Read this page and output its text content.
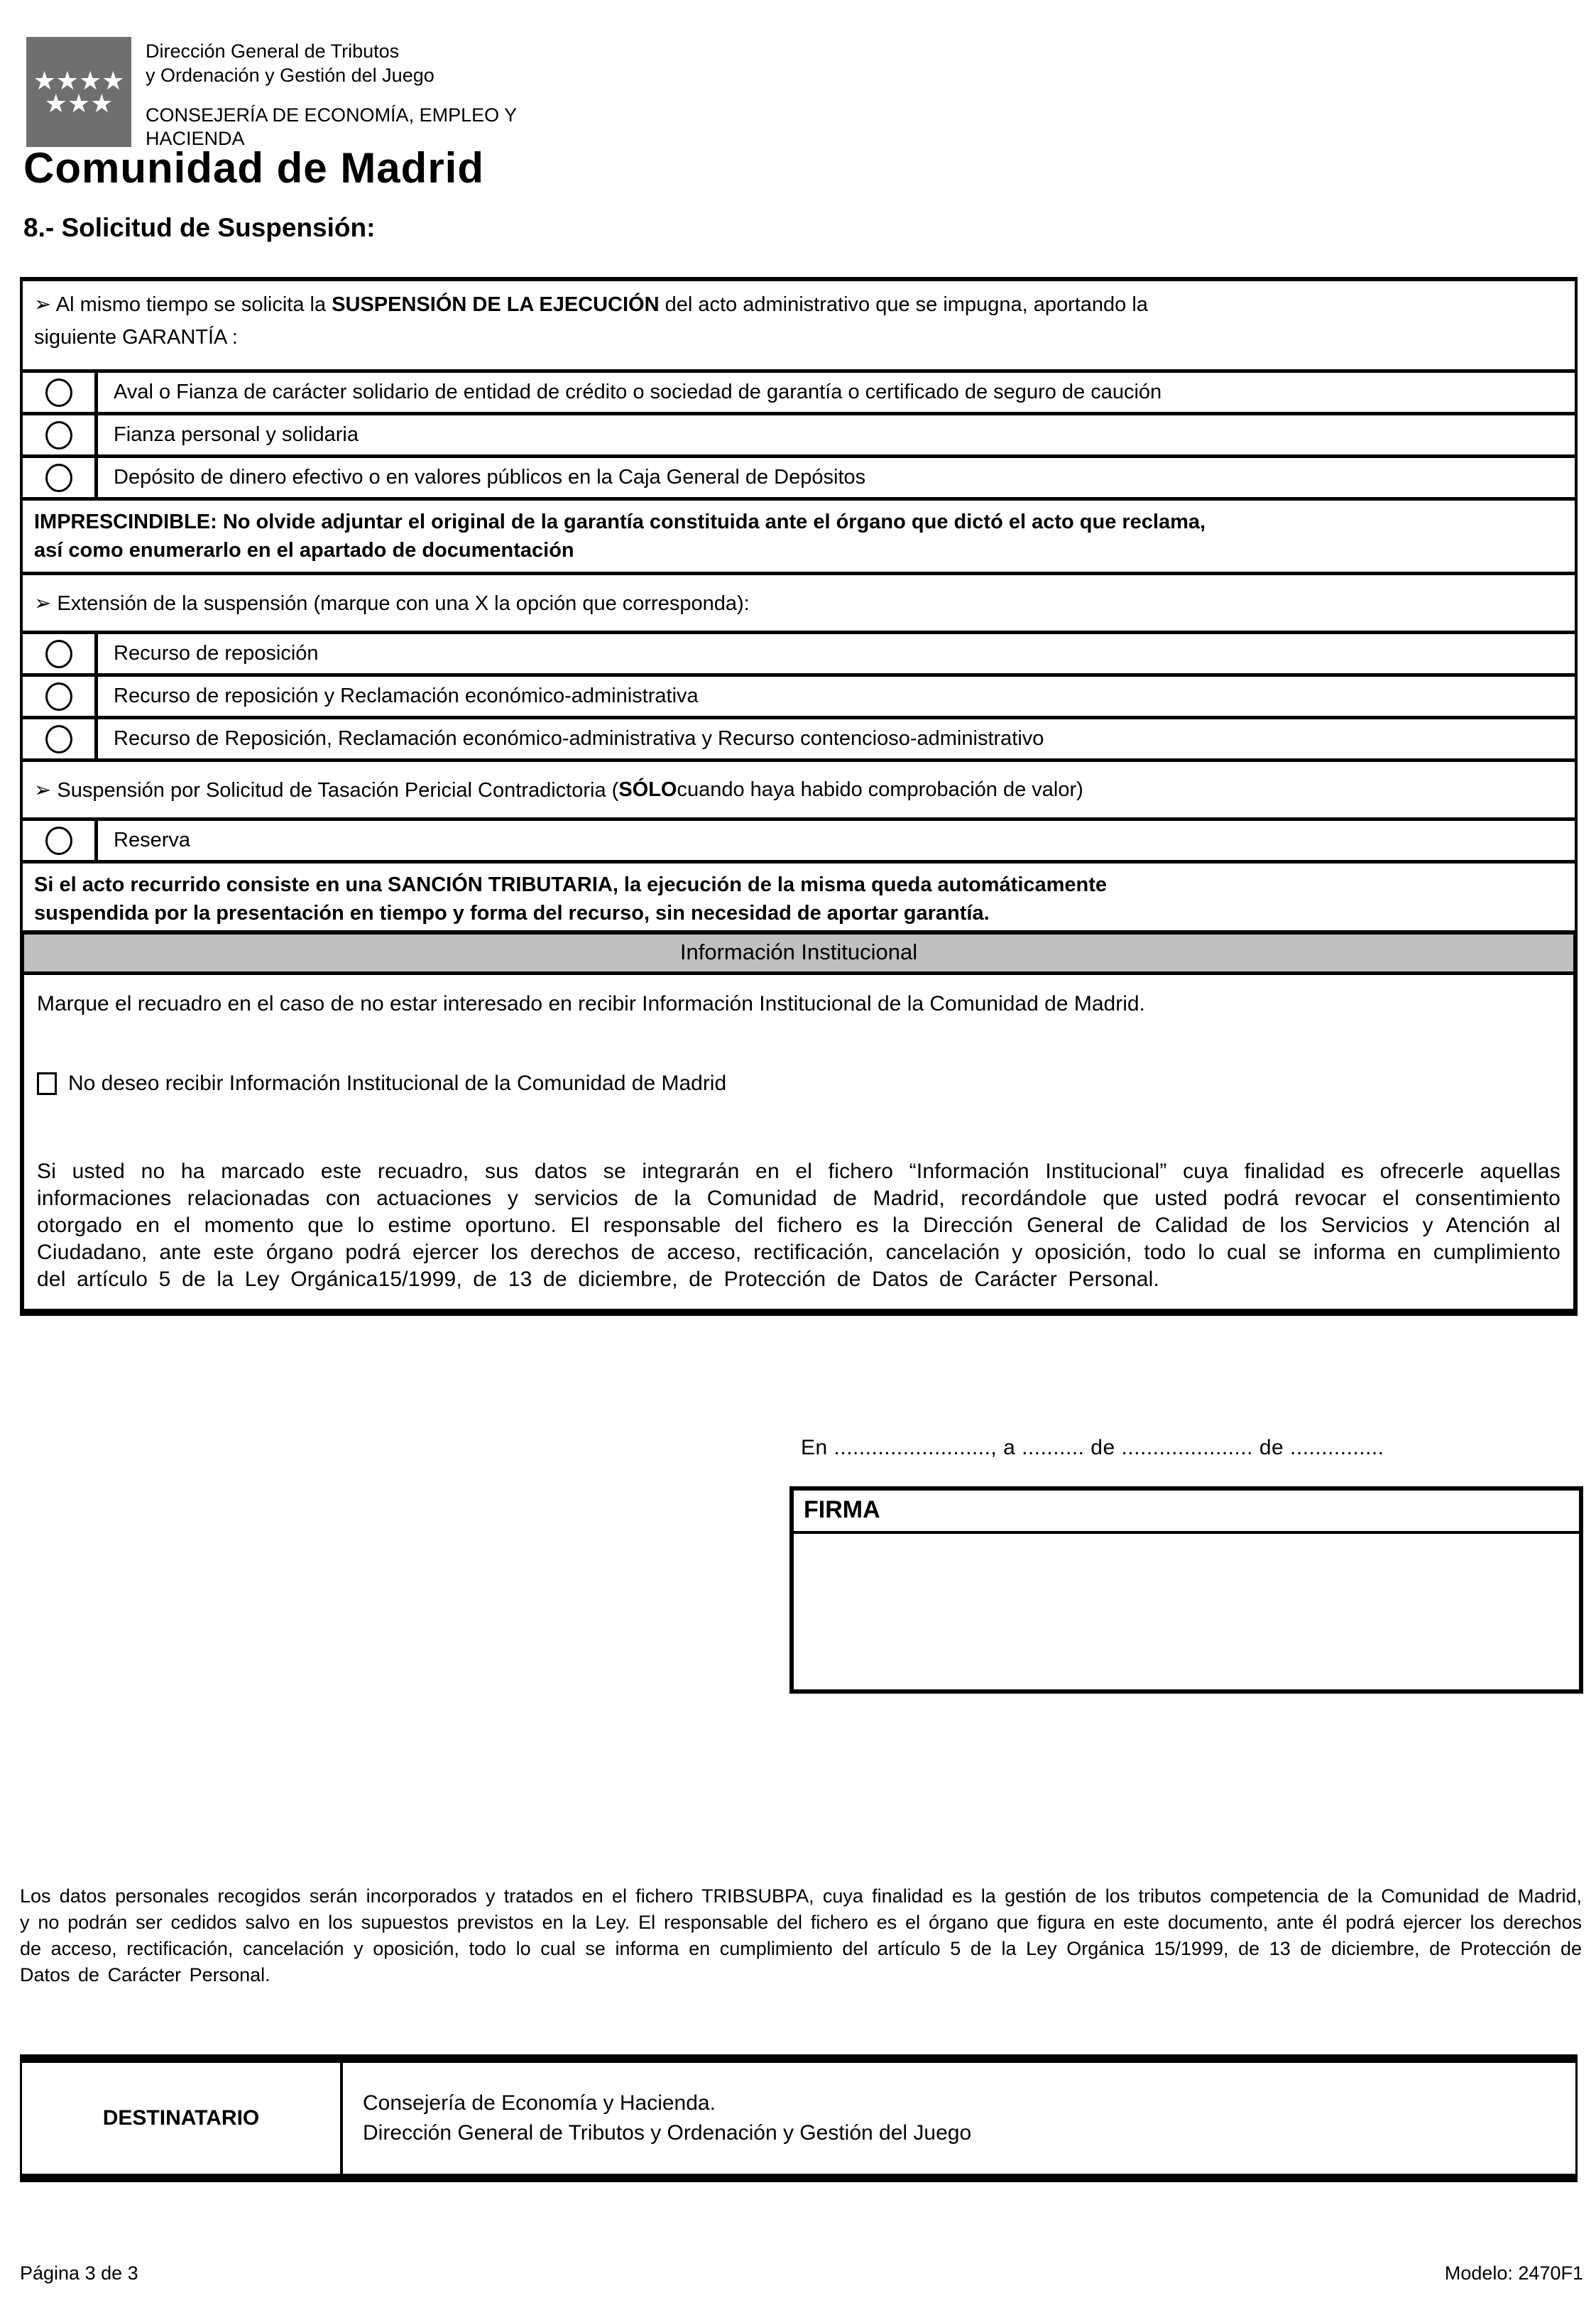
★★★★
★★★
Dirección General de Tributos
y Ordenación y Gestión del Juego
CONSEJERÍA DE ECONOMÍA, EMPLEO Y
HACIENDA
Comunidad de Madrid
8.- Solicitud de Suspensión:
➢ Al mismo tiempo se solicita la SUSPENSIÓN DE LA EJECUCIÓN del acto administrativo que se impugna, aportando la
siguiente GARANTÍA :
Aval o Fianza de carácter solidario de entidad de crédito o sociedad de garantía o certificado de seguro de caución
Fianza personal y solidaria
Depósito de dinero efectivo o en valores públicos en la Caja General de Depósitos
IMPRESCINDIBLE: No olvide adjuntar el original de la garantía constituida ante el órgano que dictó el acto que reclama,
así como enumerarlo en el apartado de documentación
➢ Extensión de la suspensión (marque con una X la opción que corresponda):
Recurso de reposición
Recurso de reposición y Reclamación económico-administrativa
Recurso de Reposición, Reclamación económico-administrativa y Recurso contencioso-administrativo
➢ Suspensión por Solicitud de Tasación Pericial Contradictoria ( SÓLO cuando haya habido comprobación de valor)
Reserva
Si el acto recurrido consiste en una SANCIÓN TRIBUTARIA, la ejecución de la misma queda automáticamente
suspendida por la presentación en tiempo y forma del recurso, sin necesidad de aportar garantía.
Información Institucional
Marque el recuadro en el caso de no estar interesado en recibir Información Institucional de la Comunidad de Madrid.
No deseo recibir Información Institucional de la Comunidad de Madrid
Si usted no ha marcado este recuadro, sus datos se integrarán en el fichero “Información Institucional” cuya finalidad es ofrecerle aquellas informaciones relacionadas con actuaciones y servicios de la Comunidad de Madrid, recordándole que usted podrá revocar el consentimiento otorgado en el momento que lo estime oportuno. El responsable del fichero es la Dirección General de Calidad de los Servicios y Atención al Ciudadano, ante este órgano podrá ejercer los derechos de acceso, rectificación, cancelación y oposición, todo lo cual se informa en cumplimiento del artículo 5 de la Ley Orgánica15/1999, de 13 de diciembre, de Protección de Datos de Carácter Personal.
En ........................., a .......... de ..................... de ...............
FIRMA
Los datos personales recogidos serán incorporados y tratados en el fichero TRIBSUBPA, cuya finalidad es la gestión de los tributos competencia de la Comunidad de Madrid, y no podrán ser cedidos salvo en los supuestos previstos en la Ley. El responsable del fichero es el órgano que figura en este documento, ante él podrá ejercer los derechos de acceso, rectificación, cancelación y oposición, todo lo cual se informa en cumplimiento del artículo 5 de la Ley Orgánica 15/1999, de 13 de diciembre, de Protección de Datos de Carácter Personal.
DESTINATARIO
Consejería de Economía y Hacienda.
Dirección General de Tributos y Ordenación y Gestión del Juego
Página 3 de 3	Modelo: 2470F1
